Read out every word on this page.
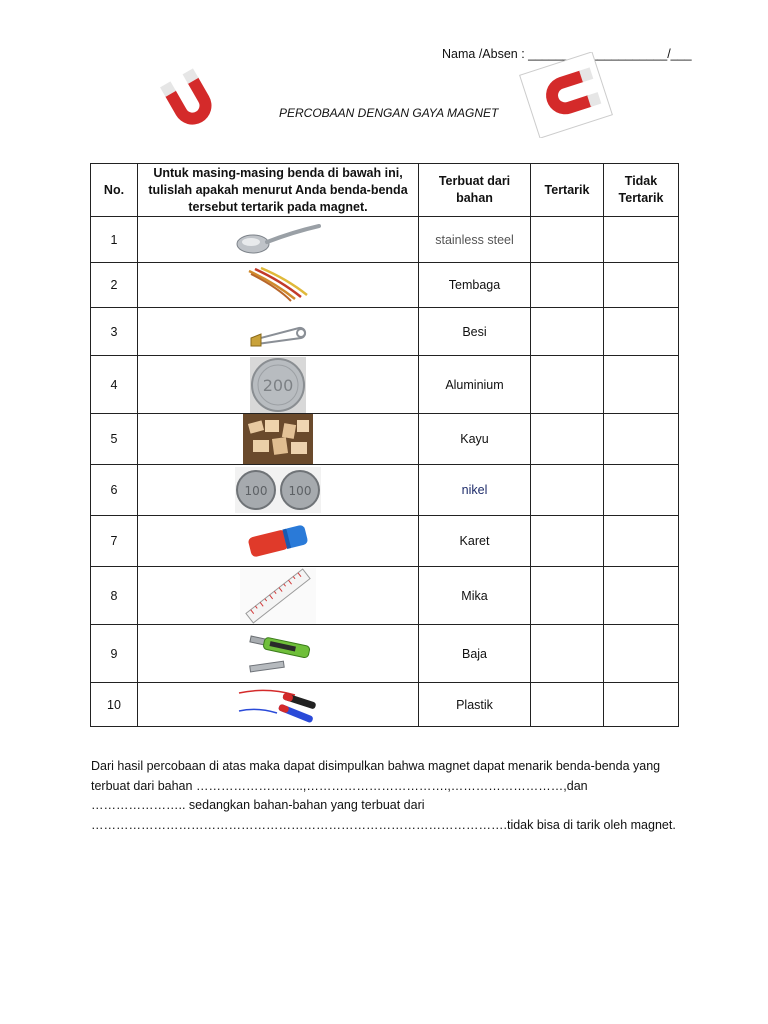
Nama /Absen : ____________________/___
PERCOBAAN DENGAN GAYA MAGNET
No.	Untuk masing-masing benda di bawah ini, tulislah apakah menurut Anda benda-benda tersebut tertarik pada magnet.	Terbuat dari bahan	Tertarik	Tidak Tertarik
1		stainless steel		
2		Tembaga		
3		Besi		
4	200	Aluminium		
5		Kayu		
6	100 100	nikel		
7		Karet		
8		Mika		
9		Baja		
10		Plastik		

Dari hasil percobaan di atas maka dapat disimpulkan bahwa magnet dapat menarik benda-benda yang terbuat dari bahan ……………………..,…………………………….,………………………,dan ………………….. sedangkan bahan-bahan yang terbuat dari ……………………………………………………………………………………….tidak bisa di tarik oleh magnet.
